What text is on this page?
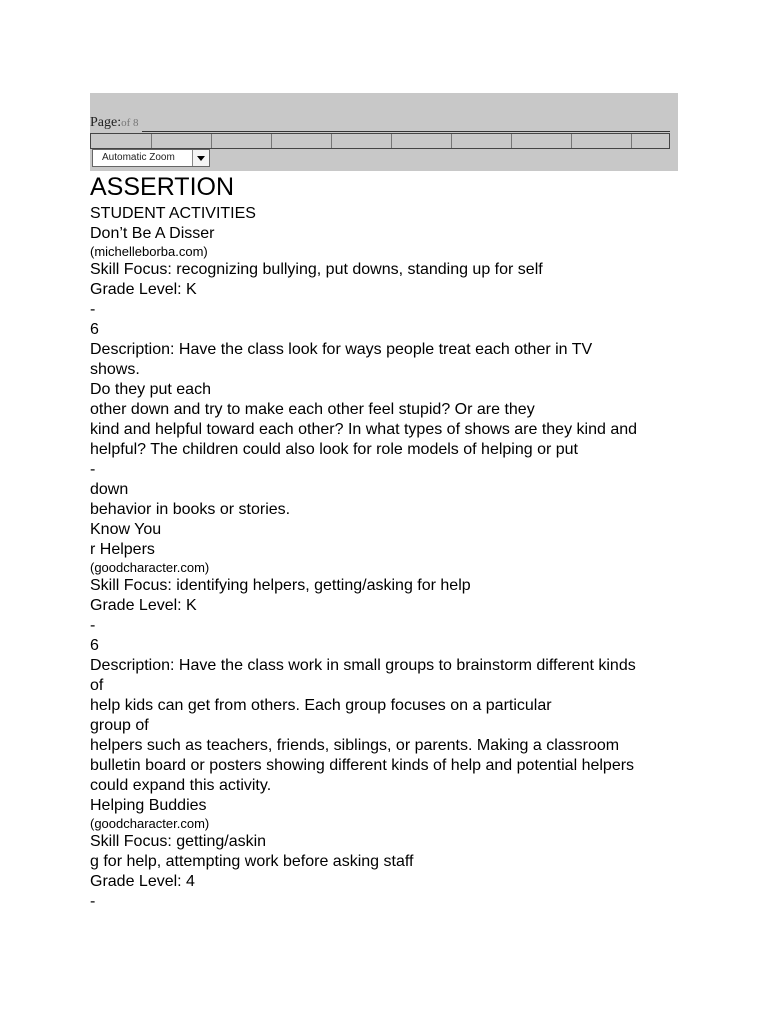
Page:of 8
Automatic Zoom
ASSERTION
STUDENT ACTIVITIES
Don’t Be A Disser
(michelleborba.com)
Skill Focus: recognizing bullying, put downs, standing up for self
Grade Level: K
-
6
Description: Have the class look for ways people treat each other in TV
shows.
Do they put each
other down and try to make each other feel stupid? Or are they
kind and helpful toward each other? In what types of shows are they kind and
helpful? The children could also look for role models of helping or put
-
down
behavior in books or stories.
Know You
r Helpers
(goodcharacter.com)
Skill Focus: identifying helpers, getting/asking for help
Grade Level: K
-
6
Description: Have the class work in small groups to brainstorm different kinds
of
help kids can get from others. Each group focuses on a particular
group of
helpers such as teachers, friends, siblings, or parents. Making a classroom
bulletin board or posters showing different kinds of help and potential helpers
could expand this activity.
Helping Buddies
(goodcharacter.com)
Skill Focus: getting/askin
g for help, attempting work before asking staff
Grade Level: 4
-
